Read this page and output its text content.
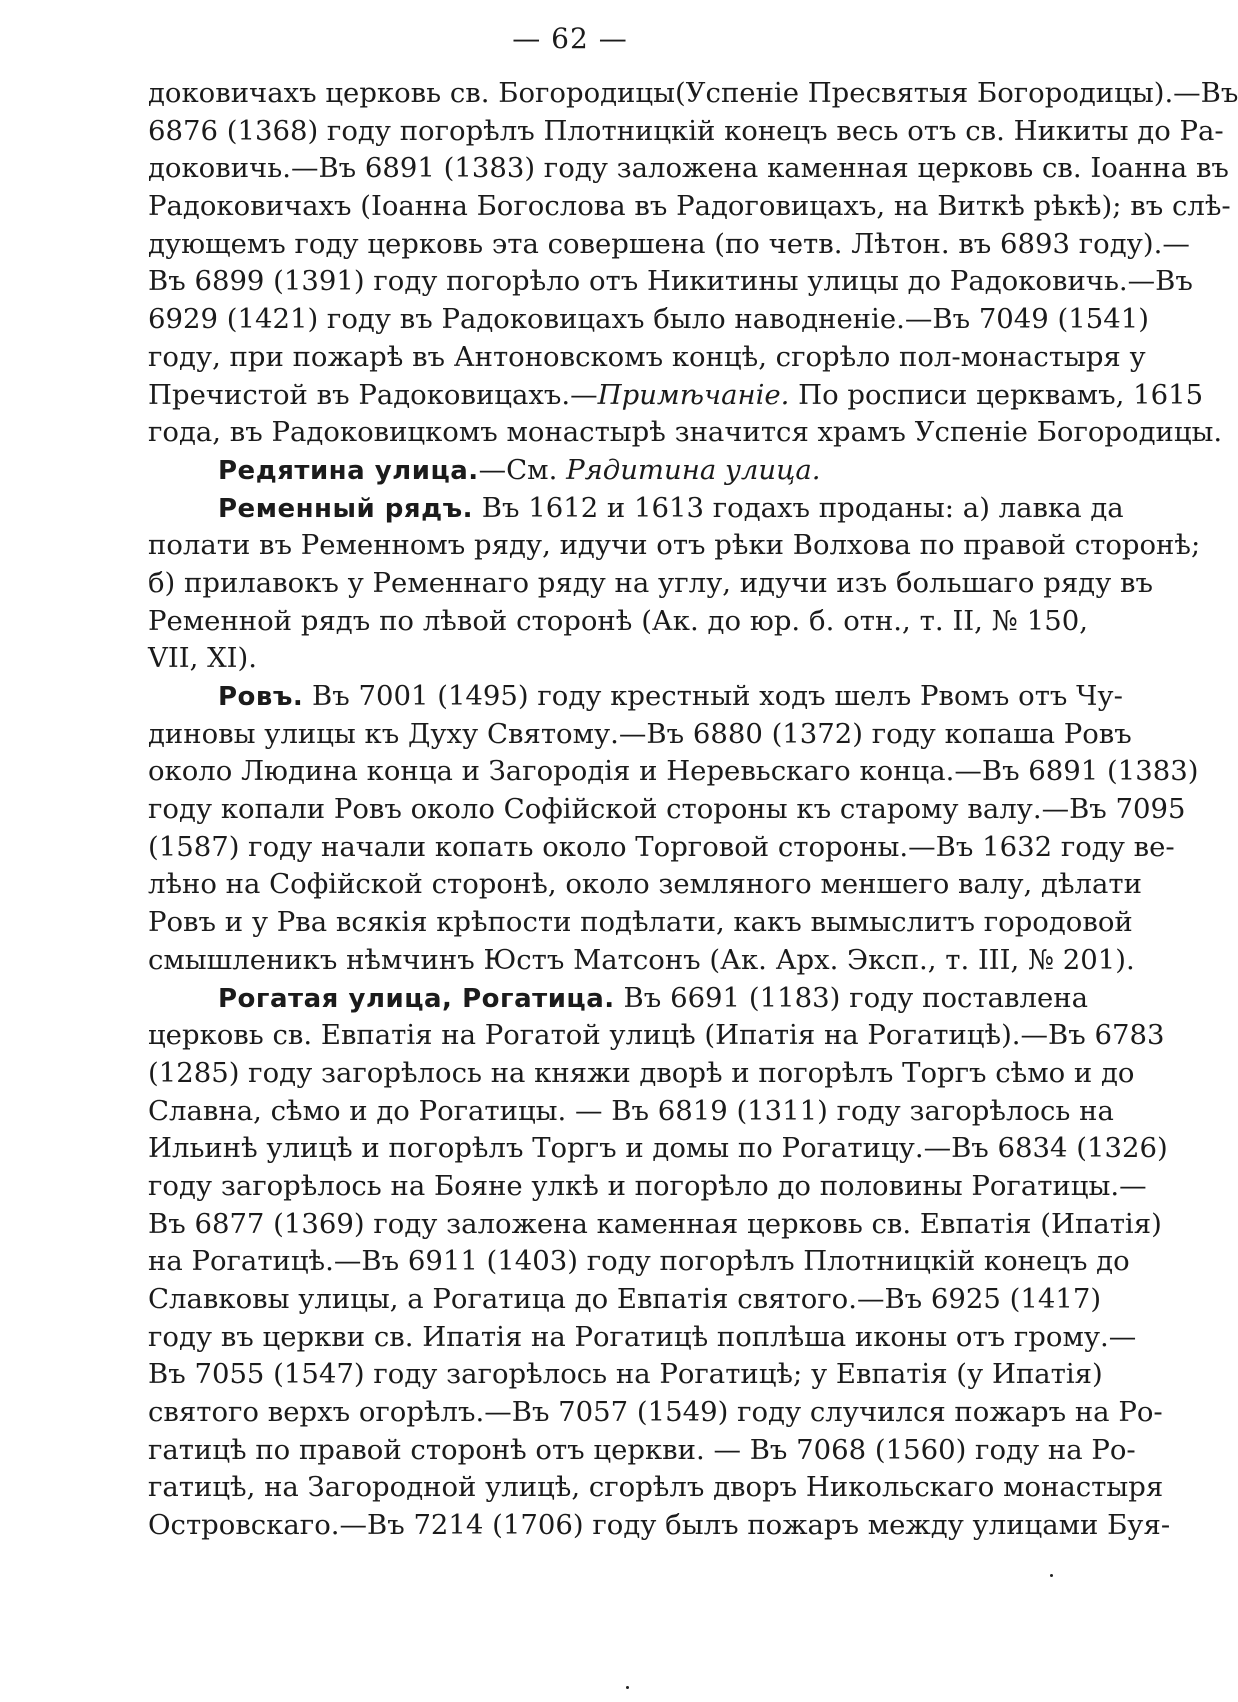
— 62 —
доковичахъ церковь св. Богородицы(Успеніе Пресвятыя Богородицы).—Въ
6876 (1368) году погорѣлъ Плотницкій конецъ весь отъ св. Никиты до Ра-
доковичь.—Въ 6891 (1383) году заложена каменная церковь св. Іоанна въ
Радоковичахъ (Іоанна Богослова въ Радоговицахъ, на Виткѣ рѣкѣ); въ слѣ-
дующемъ году церковь эта совершена (по четв. Лѣтон. въ 6893 году).—
Въ 6899 (1391) году погорѣло отъ Никитины улицы до Радоковичь.—Въ
6929 (1421) году въ Радоковицахъ было наводненіе.—Въ 7049 (1541)
году, при пожарѣ въ Антоновскомъ концѣ, сгорѣло пол-монастыря у
Пречистой въ Радоковицахъ.—Примѣчаніе. По росписи церквамъ, 1615
года, въ Радоковицкомъ монастырѣ значится храмъ Успеніе Богородицы.
Редятина улица.—См. Рядитина улица.
Ременный рядъ. Въ 1612 и 1613 годахъ проданы: а) лавка да
полати въ Ременномъ ряду, идучи отъ рѣки Волхова по правой сторонѣ;
б) прилавокъ у Ременнаго ряду на углу, идучи изъ большаго ряду въ
Ременной рядъ по лѣвой сторонѣ (Ак. до юр. б. отн., т. II, № 150,
VII, XI).
Ровъ. Въ 7001 (1495) году крестный ходъ шелъ Рвомъ отъ Чу-
диновы улицы къ Духу Святому.—Въ 6880 (1372) году копаша Ровъ
около Людина конца и Загородія и Неревьскаго конца.—Въ 6891 (1383)
году копали Ровъ около Софійской стороны къ старому валу.—Въ 7095
(1587) году начали копать около Торговой стороны.—Въ 1632 году ве-
лѣно на Софійской сторонѣ, около земляного меншего валу, дѣлати
Ровъ и у Рва всякія крѣпости подѣлати, какъ вымыслитъ городовой
смышленикъ нѣмчинъ Юстъ Матсонъ (Ак. Арх. Эксп., т. III, № 201).
Рогатая улица, Рогатица. Въ 6691 (1183) году поставлена
церковь св. Евпатія на Рогатой улицѣ (Ипатія на Рогатицѣ).—Въ 6783
(1285) году загорѣлось на княжи дворѣ и погорѣлъ Торгъ сѣмо и до
Славна, сѣмо и до Рогатицы. — Въ 6819 (1311) году загорѣлось на
Ильинѣ улицѣ и погорѣлъ Торгъ и домы по Рогатицу.—Въ 6834 (1326)
году загорѣлось на Бояне улкѣ и погорѣло до половины Рогатицы.—
Въ 6877 (1369) году заложена каменная церковь св. Евпатія (Ипатія)
на Рогатицѣ.—Въ 6911 (1403) году погорѣлъ Плотницкій конецъ до
Славковы улицы, а Рогатица до Евпатія святого.—Въ 6925 (1417)
году въ церкви св. Ипатія на Рогатицѣ поплѣша иконы отъ грому.—
Въ 7055 (1547) году загорѣлось на Рогатицѣ; у Евпатія (у Ипатія)
святого верхъ огорѣлъ.—Въ 7057 (1549) году случился пожаръ на Ро-
гатицѣ по правой сторонѣ отъ церкви. — Въ 7068 (1560) году на Ро-
гатицѣ, на Загородной улицѣ, сгорѣлъ дворъ Никольскаго монастыря
Островскаго.—Въ 7214 (1706) году былъ пожаръ между улицами Буя-
